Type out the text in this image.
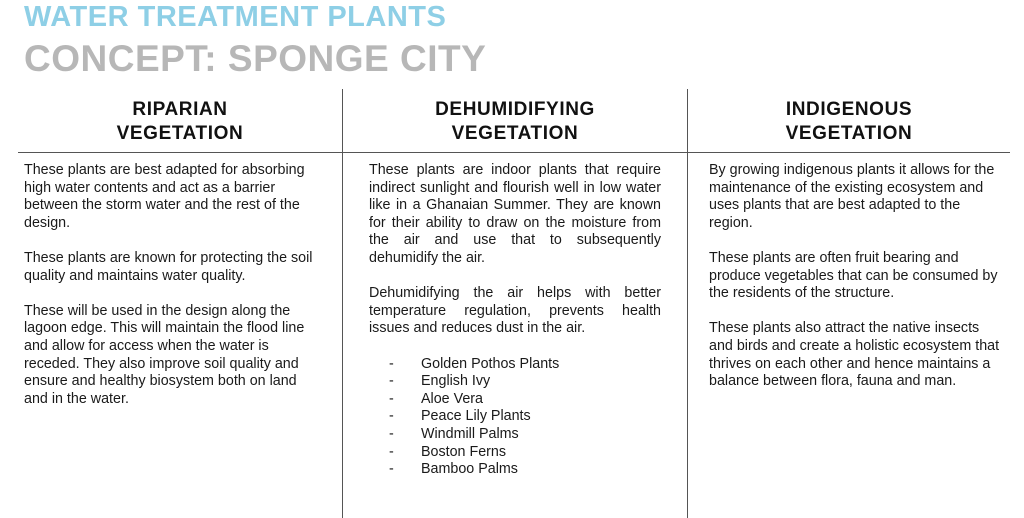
WATER TREATMENT PLANTS
CONCEPT: SPONGE CITY
RIPARIAN
VEGETATION

These plants are best adapted for absorbing high water contents and act as a barrier between the storm water and the rest of the design.

These plants are known for protecting the soil quality and maintains water quality.

These will be used in the design along the lagoon edge. This will maintain the flood line and allow for access when the water is receded. They also improve soil quality and ensure and healthy biosystem both on land and in the water.

DEHUMIDIFYING
VEGETATION

These plants are indoor plants that require indirect sunlight and flourish well in low water like in a Ghanaian Summer. They are known for their ability to draw on the moisture from the air and use that to subsequently dehumidify the air.

Dehumidifying the air helps with better temperature regulation, prevents health issues and reduces dust in the air.

- Golden Pothos Plants
- English Ivy
- Aloe Vera
- Peace Lily Plants
- Windmill Palms
- Boston Ferns
- Bamboo Palms
INDIGENOUS
VEGETATION

By growing indigenous plants it allows for the maintenance of the existing ecosystem and uses plants that are best adapted to the region.

These plants are often fruit bearing and produce vegetables that can be consumed by the residents of the structure.

These plants also attract the native insects and birds and create a holistic ecosystem that thrives on each other and hence maintains a balance between flora, fauna and man.
